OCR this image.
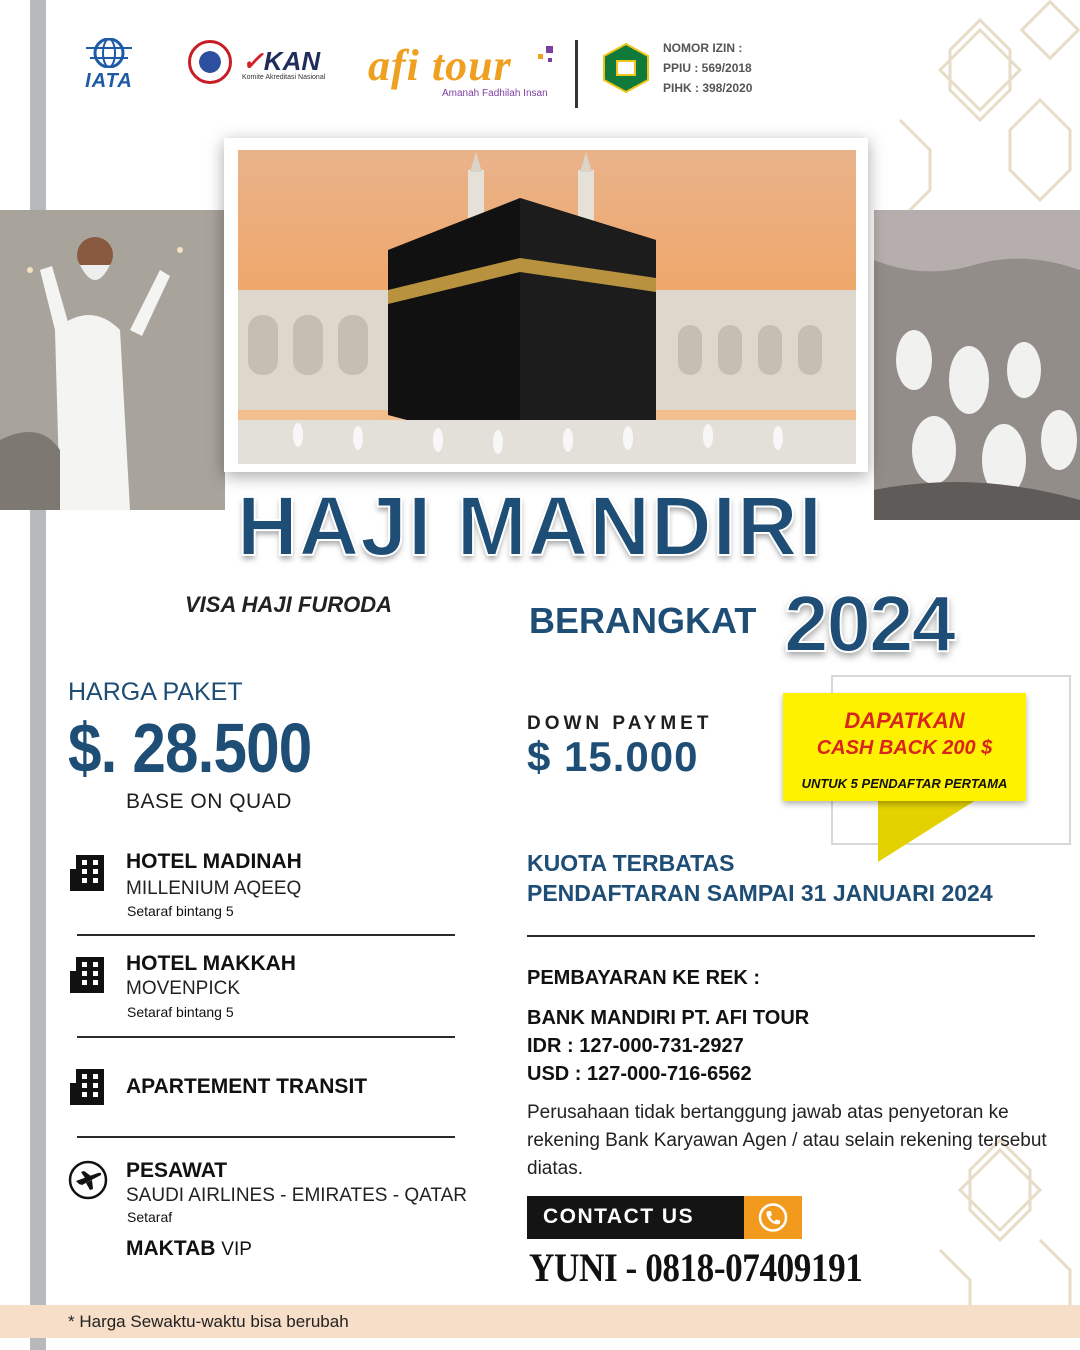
IATA
✓KAN
Komite Akreditasi Nasional afi tour
Amanah Fadhilah Insan
NOMOR IZIN :
PPIU : 569/2018
PIHK : 398/2020
HAJI MANDIRI
VISA HAJI FURODA	BERANGKAT 2024
HARGA PAKET
$. 28.500
BASE ON QUAD
DOWN PAYMET
$ 15.000
DAPATKAN
CASH BACK 200 $
UNTUK 5 PENDAFTAR PERTAMA
HOTEL MADINAH
MILLENIUM AQEEQ
Setaraf bintang 5
HOTEL MAKKAH
MOVENPICK
Setaraf bintang 5
APARTEMENT TRANSIT
PESAWAT
SAUDI AIRLINES - EMIRATES - QATAR
Setaraf
MAKTAB VIP
KUOTA TERBATAS
PENDAFTARAN SAMPAI 31 JANUARI 2024
PEMBAYARAN KE REK :
BANK MANDIRI PT. AFI TOUR
IDR : 127-000-731-2927
USD : 127-000-716-6562
Perusahaan tidak bertanggung jawab atas penyetoran ke rekening Bank Karyawan Agen / atau selain rekening tersebut diatas.
CONTACT US
YUNI - 0818-07409191
* Harga Sewaktu-waktu bisa berubah
